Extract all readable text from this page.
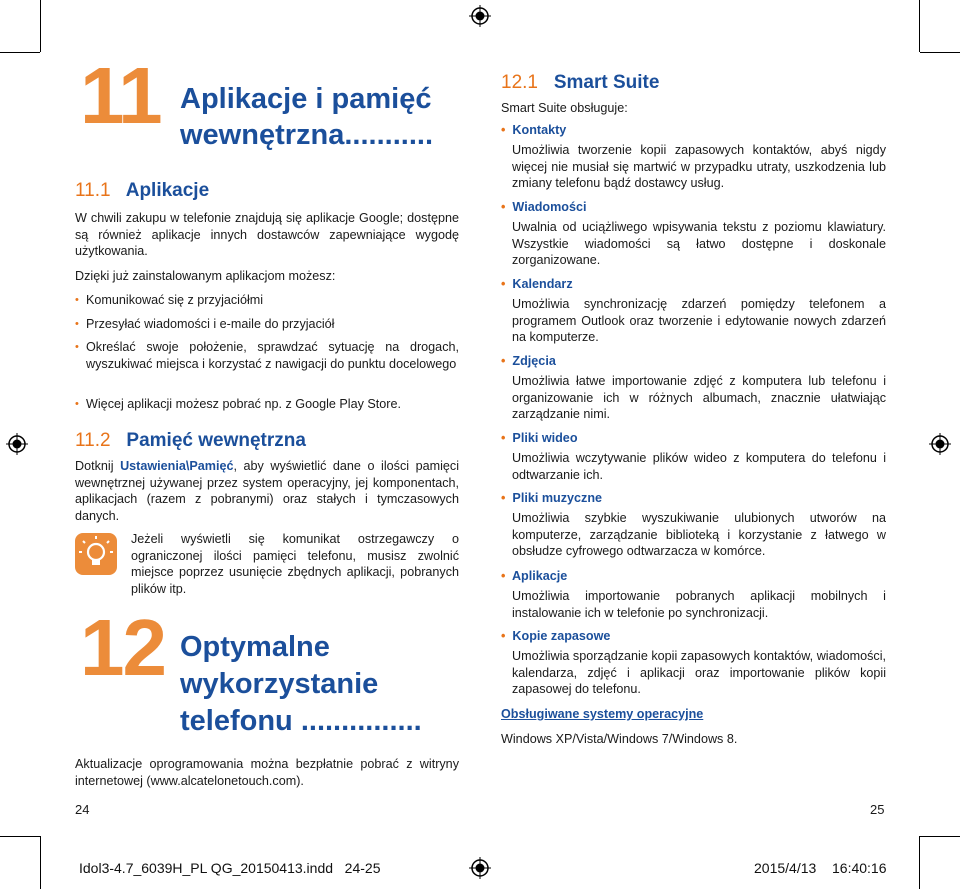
11 Aplikacje i pamięć
wewnętrzna...........
11.1 Aplikacje

W chwili zakupu w telefonie znajdują się aplikacje Google; dostępne są również aplikacje innych dostawców zapewniające wygodę użytkowania.

Dzięki już zainstalowanym aplikacjom możesz:

• Komunikować się z przyjaciółmi
• Przesyłać wiadomości i e-maile do przyjaciół
• Określać swoje położenie, sprawdzać sytuację na drogach, wyszukiwać miejsca i korzystać z nawigacji do punktu docelowego
• Więcej aplikacji możesz pobrać np. z Google Play Store.
11.2 Pamięć wewnętrzna

Dotknij Ustawienia\Pamięć, aby wyświetlić dane o ilości pamięci wewnętrznej używanej przez system operacyjny, jej komponentach, aplikacjach (razem z pobranymi) oraz stałych i tymczasowych danych.

Jeżeli wyświetli się komunikat ostrzegawczy o ograniczonej ilości pamięci telefonu, musisz zwolnić miejsce poprzez usunięcie zbędnych aplikacji, pobranych plików itp.

12 Optymalne
wykorzystanie
telefonu ...............

Aktualizacje oprogramowania można bezpłatnie pobrać z witryny internetowej (www.alcatelonetouch.com).

24
12.1 Smart Suite

Smart Suite obsługuje:

• Kontakty

Umożliwia tworzenie kopii zapasowych kontaktów, abyś nigdy więcej nie musiał się martwić w przypadku utraty, uszkodzenia lub zmiany telefonu bądź dostawcy usług.

• Wiadomości

Uwalnia od uciążliwego wpisywania tekstu z poziomu klawiatury. Wszystkie wiadomości są łatwo dostępne i doskonale zorganizowane.

• Kalendarz

Umożliwia synchronizację zdarzeń pomiędzy telefonem a programem Outlook oraz tworzenie i edytowanie nowych zdarzeń na komputerze.

• Zdjęcia

Umożliwia łatwe importowanie zdjęć z komputera lub telefonu i organizowanie ich w różnych albumach, znacznie ułatwiając zarządzanie nimi.

• Pliki wideo

Umożliwia wczytywanie plików wideo z komputera do telefonu i odtwarzanie ich.

• Pliki muzyczne

Umożliwia szybkie wyszukiwanie ulubionych utworów na komputerze, zarządzanie biblioteką i korzystanie z łatwego w obsłudze cyfrowego odtwarzacza w komórce.

• Aplikacje

Umożliwia importowanie pobranych aplikacji mobilnych i instalowanie ich w telefonie po synchronizacji.

• Kopie zapasowe

Umożliwia sporządzanie kopii zapasowych kontaktów, wiadomości, kalendarza, zdjęć i aplikacji oraz importowanie plików kopii zapasowej do telefonu.

Obsługiwane systemy operacyjne

Windows XP/Vista/Windows 7/Windows 8.

25
Idol3-4.7_6039H_PL QG_20150413.indd   24-25	2015/4/13 16:40:16
